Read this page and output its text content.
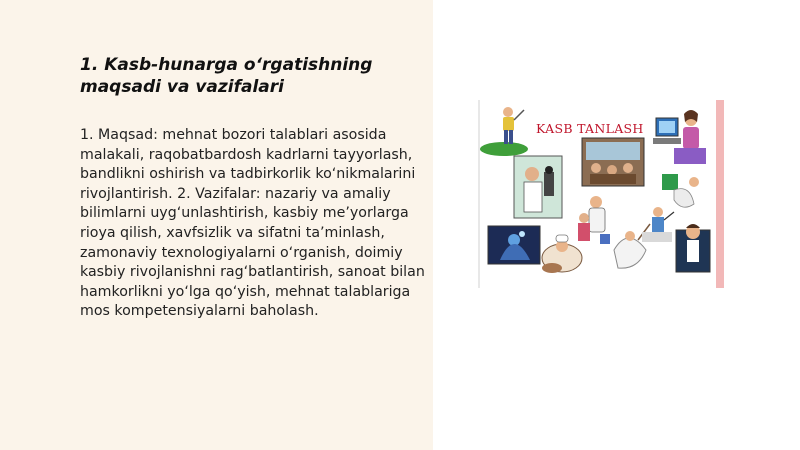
1. Kasb-hunarga o‘rgatishning
maqsadi va vazifalari

1. Maqsad: mehnat bozori talablari asosida malakali, raqobatbardosh kadrlarni tayyorlash, bandlikni oshirish va tadbirkorlik ko‘nikmalarini rivojlantirish. 2. Vazifalar: nazariy va amaliy bilimlarni uyg‘unlashtirish, kasbiy me’yorlarga rioya qilish, xavfsizlik va sifatni ta’minlash, zamonaviy texnologiyalarni o‘rganish, doimiy kasbiy rivojlanishni rag‘batlantirish, sanoat bilan hamkorlikni yo‘lga qo‘yish, mehnat talablariga mos kompetensiyalarni baholash.

KASB TANLASH
